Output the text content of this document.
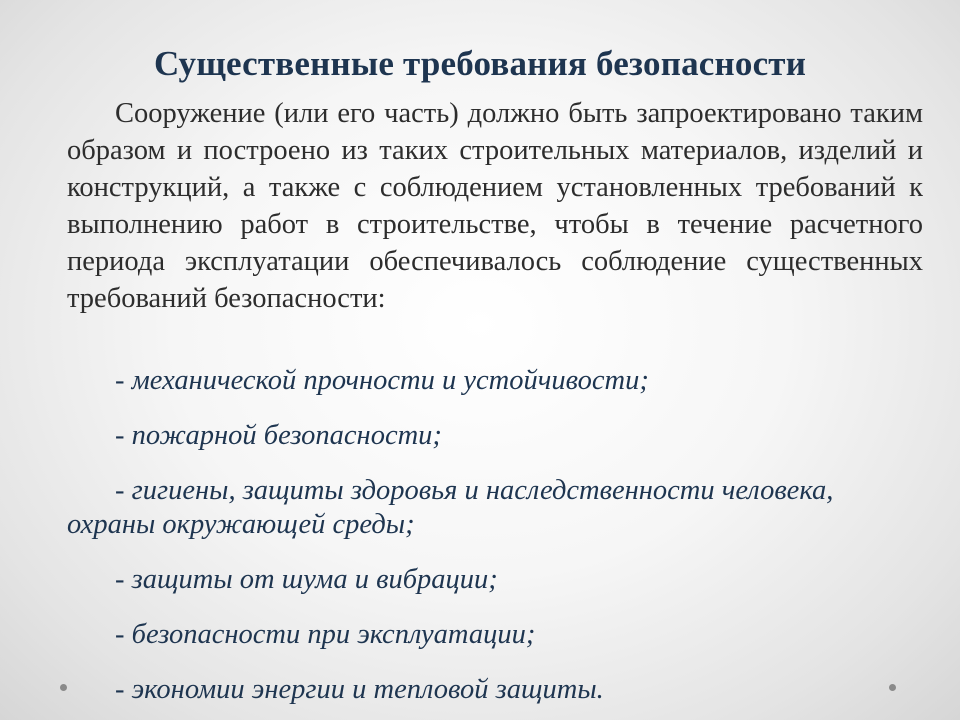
Существенные требования безопасности
Сооружение (или его часть) должно быть запроектировано таким образом и построено из таких строительных материалов, изделий и конструкций, а также с соблюдением установленных требований к выполнению работ в строительстве, чтобы в течение расчетного периода эксплуатации обеспечивалось соблюдение существенных требований безопасности:
- механической прочности и устойчивости;
- пожарной безопасности;
- гигиены, защиты здоровья и наследственности человека, охраны окружающей среды;
- защиты от шума и вибрации;
- безопасности при эксплуатации;
- экономии энергии и тепловой защиты.
